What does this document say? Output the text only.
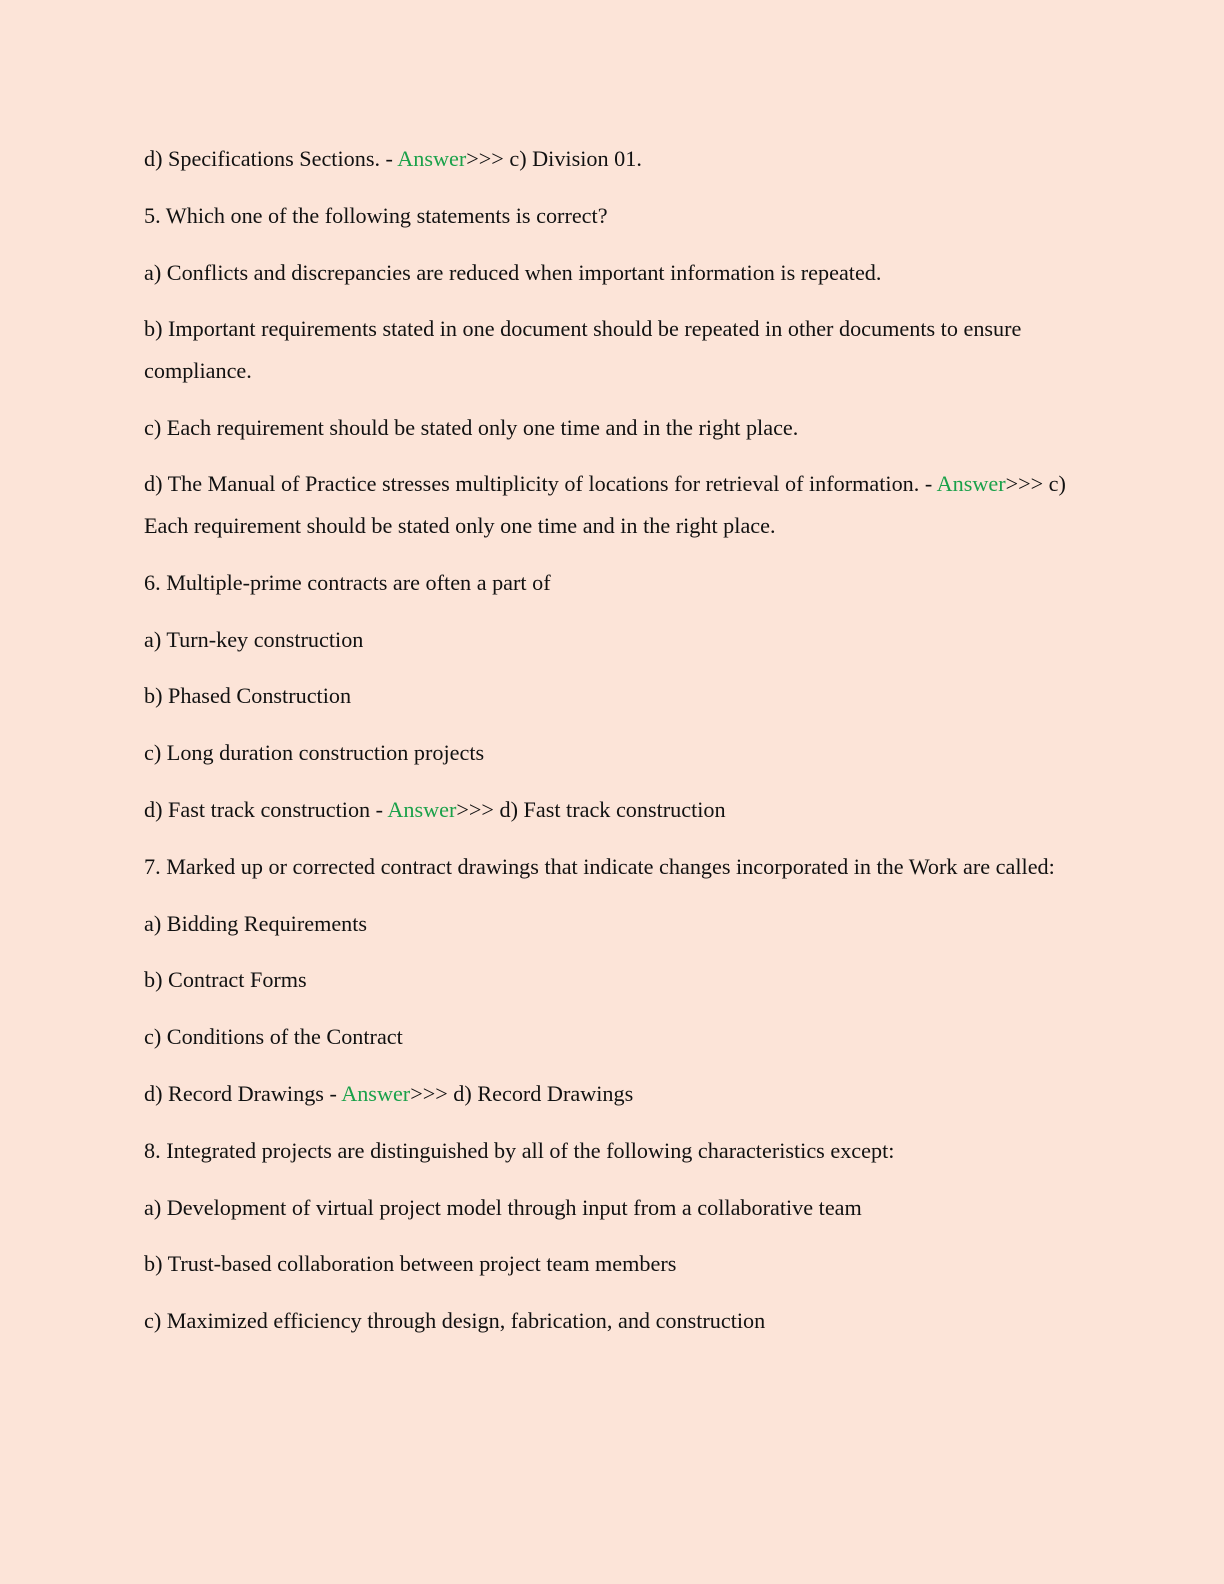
d) Specifications Sections. - Answer>>> c) Division 01.

5. Which one of the following statements is correct?

a) Conflicts and discrepancies are reduced when important information is repeated.

b) Important requirements stated in one document should be repeated in other documents to ensure compliance.

c) Each requirement should be stated only one time and in the right place.

d) The Manual of Practice stresses multiplicity of locations for retrieval of information. - Answer>>> c) Each requirement should be stated only one time and in the right place.

6. Multiple-prime contracts are often a part of

a) Turn-key construction

b) Phased Construction

c) Long duration construction projects

d) Fast track construction - Answer>>> d) Fast track construction

7. Marked up or corrected contract drawings that indicate changes incorporated in the Work are called:

a) Bidding Requirements

b) Contract Forms

c) Conditions of the Contract

d) Record Drawings - Answer>>> d) Record Drawings

8. Integrated projects are distinguished by all of the following characteristics except:

a) Development of virtual project model through input from a collaborative team

b) Trust-based collaboration between project team members

c) Maximized efficiency through design, fabrication, and construction
